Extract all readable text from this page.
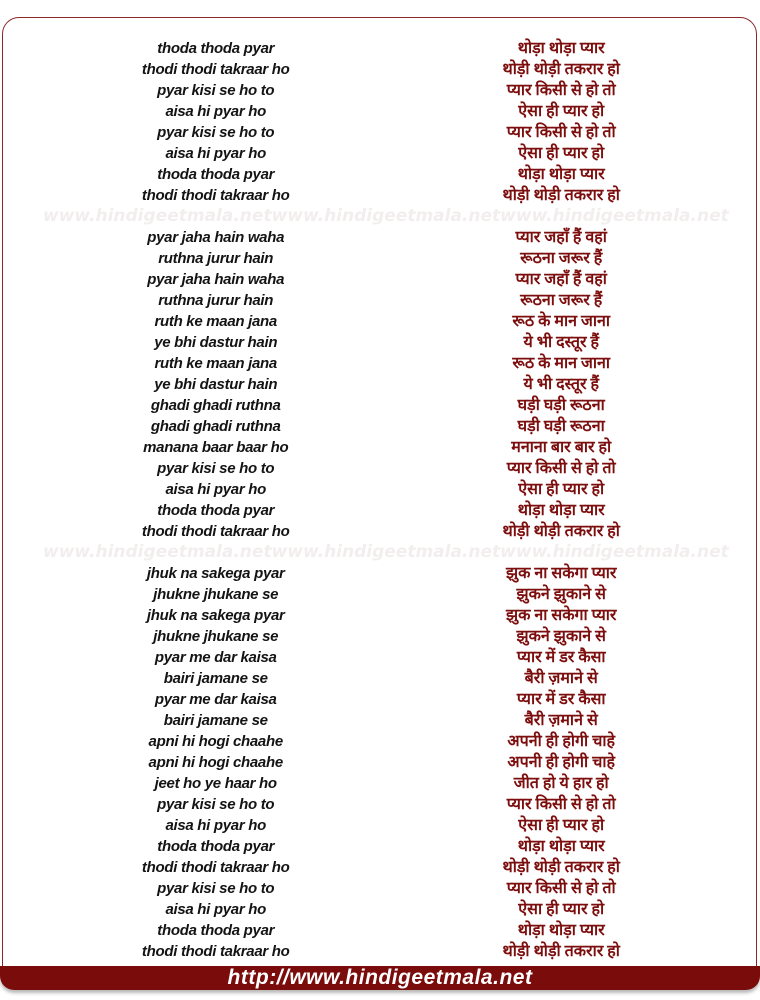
thoda thoda pyar	थोड़ा थोड़ा प्यार
thodi thodi takraar ho	थोड़ी थोड़ी तकरार हो
pyar kisi se ho to	प्यार किसी से हो तो
aisa hi pyar ho	ऐसा ही प्यार हो
pyar kisi se ho to	प्यार किसी से हो तो
aisa hi pyar ho	ऐसा ही प्यार हो
thoda thoda pyar	थोड़ा थोड़ा प्यार
thodi thodi takraar ho	थोड़ी थोड़ी तकरार हो
www.hindigeetmala.net www.hindigeetmala.net www.hindigeetmala.net
pyar jaha hain waha	प्यार जहाँ हैं वहां
ruthna jurur hain	रूठना जरूर हैं
pyar jaha hain waha	प्यार जहाँ हैं वहां
ruthna jurur hain	रूठना जरूर हैं
ruth ke maan jana	रूठ के मान जाना
ye bhi dastur hain	ये भी दस्तूर हैं
ruth ke maan jana	रूठ के मान जाना
ye bhi dastur hain	ये भी दस्तूर हैं
ghadi ghadi ruthna	घड़ी घड़ी रूठना
ghadi ghadi ruthna	घड़ी घड़ी रूठना
manana baar baar ho	मनाना बार बार हो
pyar kisi se ho to	प्यार किसी से हो तो
aisa hi pyar ho	ऐसा ही प्यार हो
thoda thoda pyar	थोड़ा थोड़ा प्यार
thodi thodi takraar ho	थोड़ी थोड़ी तकरार हो
www.hindigeetmala.net www.hindigeetmala.net www.hindigeetmala.net
jhuk na sakega pyar	झुक ना सकेगा प्यार
jhukne jhukane se	झुकने झुकाने से
jhuk na sakega pyar	झुक ना सकेगा प्यार
jhukne jhukane se	झुकने झुकाने से
pyar me dar kaisa	प्यार में डर कैसा
bairi jamane se	बैरी ज़माने से
pyar me dar kaisa	प्यार में डर कैसा
bairi jamane se	बैरी ज़माने से
apni hi hogi chaahe	अपनी ही होगी चाहे
apni hi hogi chaahe	अपनी ही होगी चाहे
jeet ho ye haar ho	जीत हो ये हार हो
pyar kisi se ho to	प्यार किसी से हो तो
aisa hi pyar ho	ऐसा ही प्यार हो
thoda thoda pyar	थोड़ा थोड़ा प्यार
thodi thodi takraar ho	थोड़ी थोड़ी तकरार हो
pyar kisi se ho to	प्यार किसी से हो तो
aisa hi pyar ho	ऐसा ही प्यार हो
thoda thoda pyar	थोड़ा थोड़ा प्यार
thodi thodi takraar ho	थोड़ी थोड़ी तकरार हो
http://www.hindigeetmala.net
